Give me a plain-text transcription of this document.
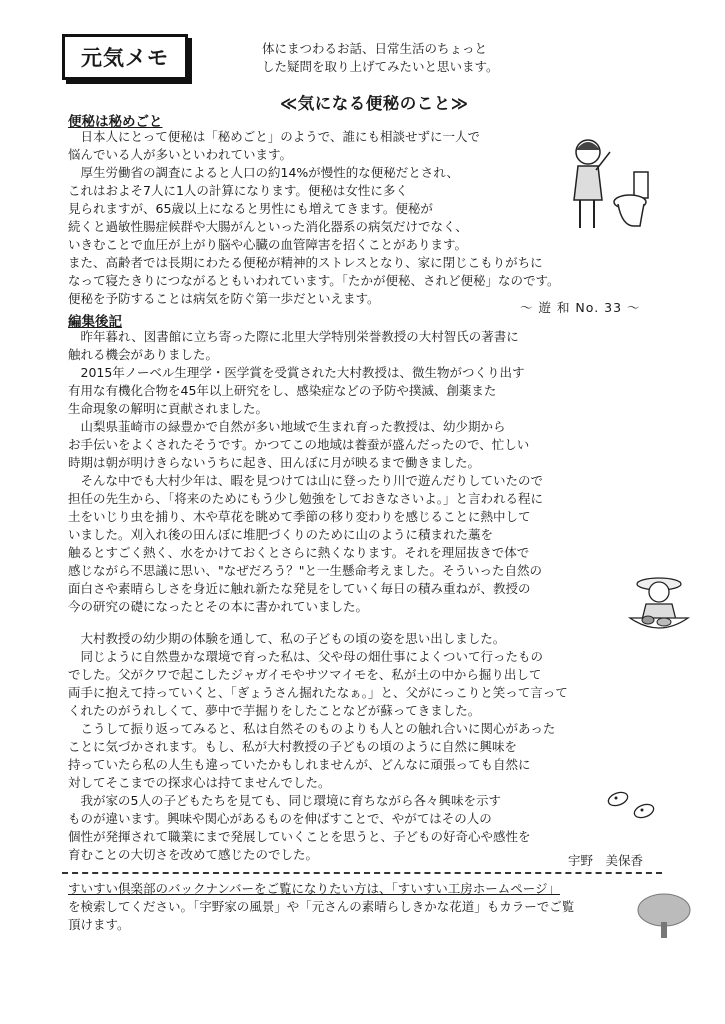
元気メモ	体にまつわるお話、日常生活のちょっと
した疑問を取り上げてみたいと思います。
≪気になる便秘のこと≫
便秘は秘めごと
　日本人にとって便秘は「秘めごと」のようで、誰にも相談せずに一人で
悩んでいる人が多いといわれています。
　厚生労働省の調査によると人口の約14%が慢性的な便秘だとされ、
これはおよそ7人に1人の計算になります。便秘は女性に多く
見られますが、65歳以上になると男性にも増えてきます。便秘が
続くと過敏性腸症候群や大腸がんといった消化器系の病気だけでなく、
いきむことで血圧が上がり脳や心臓の血管障害を招くことがあります。
また、高齢者では長期にわたる便秘が精神的ストレスとなり、家に閉じこもりがちに
なって寝たきりにつながるともいわれています。「たかが便秘、されど便秘」なのです。
便秘を予防することは病気を防ぐ第一歩だといえます。
～ 遊 和 No. 33 ～
編集後記
　昨年暮れ、図書館に立ち寄った際に北里大学特別栄誉教授の大村智氏の著書に
触れる機会がありました。
　2015年ノーベル生理学・医学賞を受賞された大村教授は、微生物がつくり出す
有用な有機化合物を45年以上研究をし、感染症などの予防や撲滅、創薬また
生命現象の解明に貢献されました。
　山梨県韮崎市の緑豊かで自然が多い地域で生まれ育った教授は、幼少期から
お手伝いをよくされたそうです。かつてこの地域は養蚕が盛んだったので、忙しい
時期は朝が明けきらないうちに起き、田んぼに月が映るまで働きました。
　そんな中でも大村少年は、暇を見つけては山に登ったり川で遊んだりしていたので
担任の先生から、「将来のためにもう少し勉強をしておきなさいよ。」と言われる程に
土をいじり虫を捕り、木や草花を眺めて季節の移り変わりを感じることに熱中して
いました。刈入れ後の田んぼに堆肥づくりのために山のように積まれた藁を
触るとすごく熱く、水をかけておくとさらに熱くなります。それを理屈抜きで体で
感じながら不思議に思い、"なぜだろう？"と一生懸命考えました。そういった自然の
面白さや素晴らしさを身近に触れ新たな発見をしていく毎日の積み重ねが、教授の
今の研究の礎になったとその本に書かれていました。
　大村教授の幼少期の体験を通して、私の子どもの頃の姿を思い出しました。
　同じように自然豊かな環境で育った私は、父や母の畑仕事によくついて行ったもの
でした。父がクワで起こしたジャガイモやサツマイモを、私が土の中から掘り出して
両手に抱えて持っていくと、「ぎょうさん掘れたなぁ。」と、父がにっこりと笑って言って
くれたのがうれしくて、夢中で芋掘りをしたことなどが蘇ってきました。
　こうして振り返ってみると、私は自然そのものよりも人との触れ合いに関心があった
ことに気づかされます。もし、私が大村教授の子どもの頃のように自然に興味を
持っていたら私の人生も違っていたかもしれませんが、どんなに頑張っても自然に
対してそこまでの探求心は持てませんでした。
　我が家の5人の子どもたちを見ても、同じ環境に育ちながら各々興味を示す
ものが違います。興味や関心があるものを伸ばすことで、やがてはその人の
個性が発揮されて職業にまで発展していくことを思うと、子どもの好奇心や感性を
育むことの大切さを改めて感じたのでした。	宇野　美保香
すいすい倶楽部のバックナンバーをご覧になりたい方は、「すいすい工房ホームページ」
を検索してください。「宇野家の風景」や「元さんの素晴らしきかな花道」もカラーでご覧
頂けます。
